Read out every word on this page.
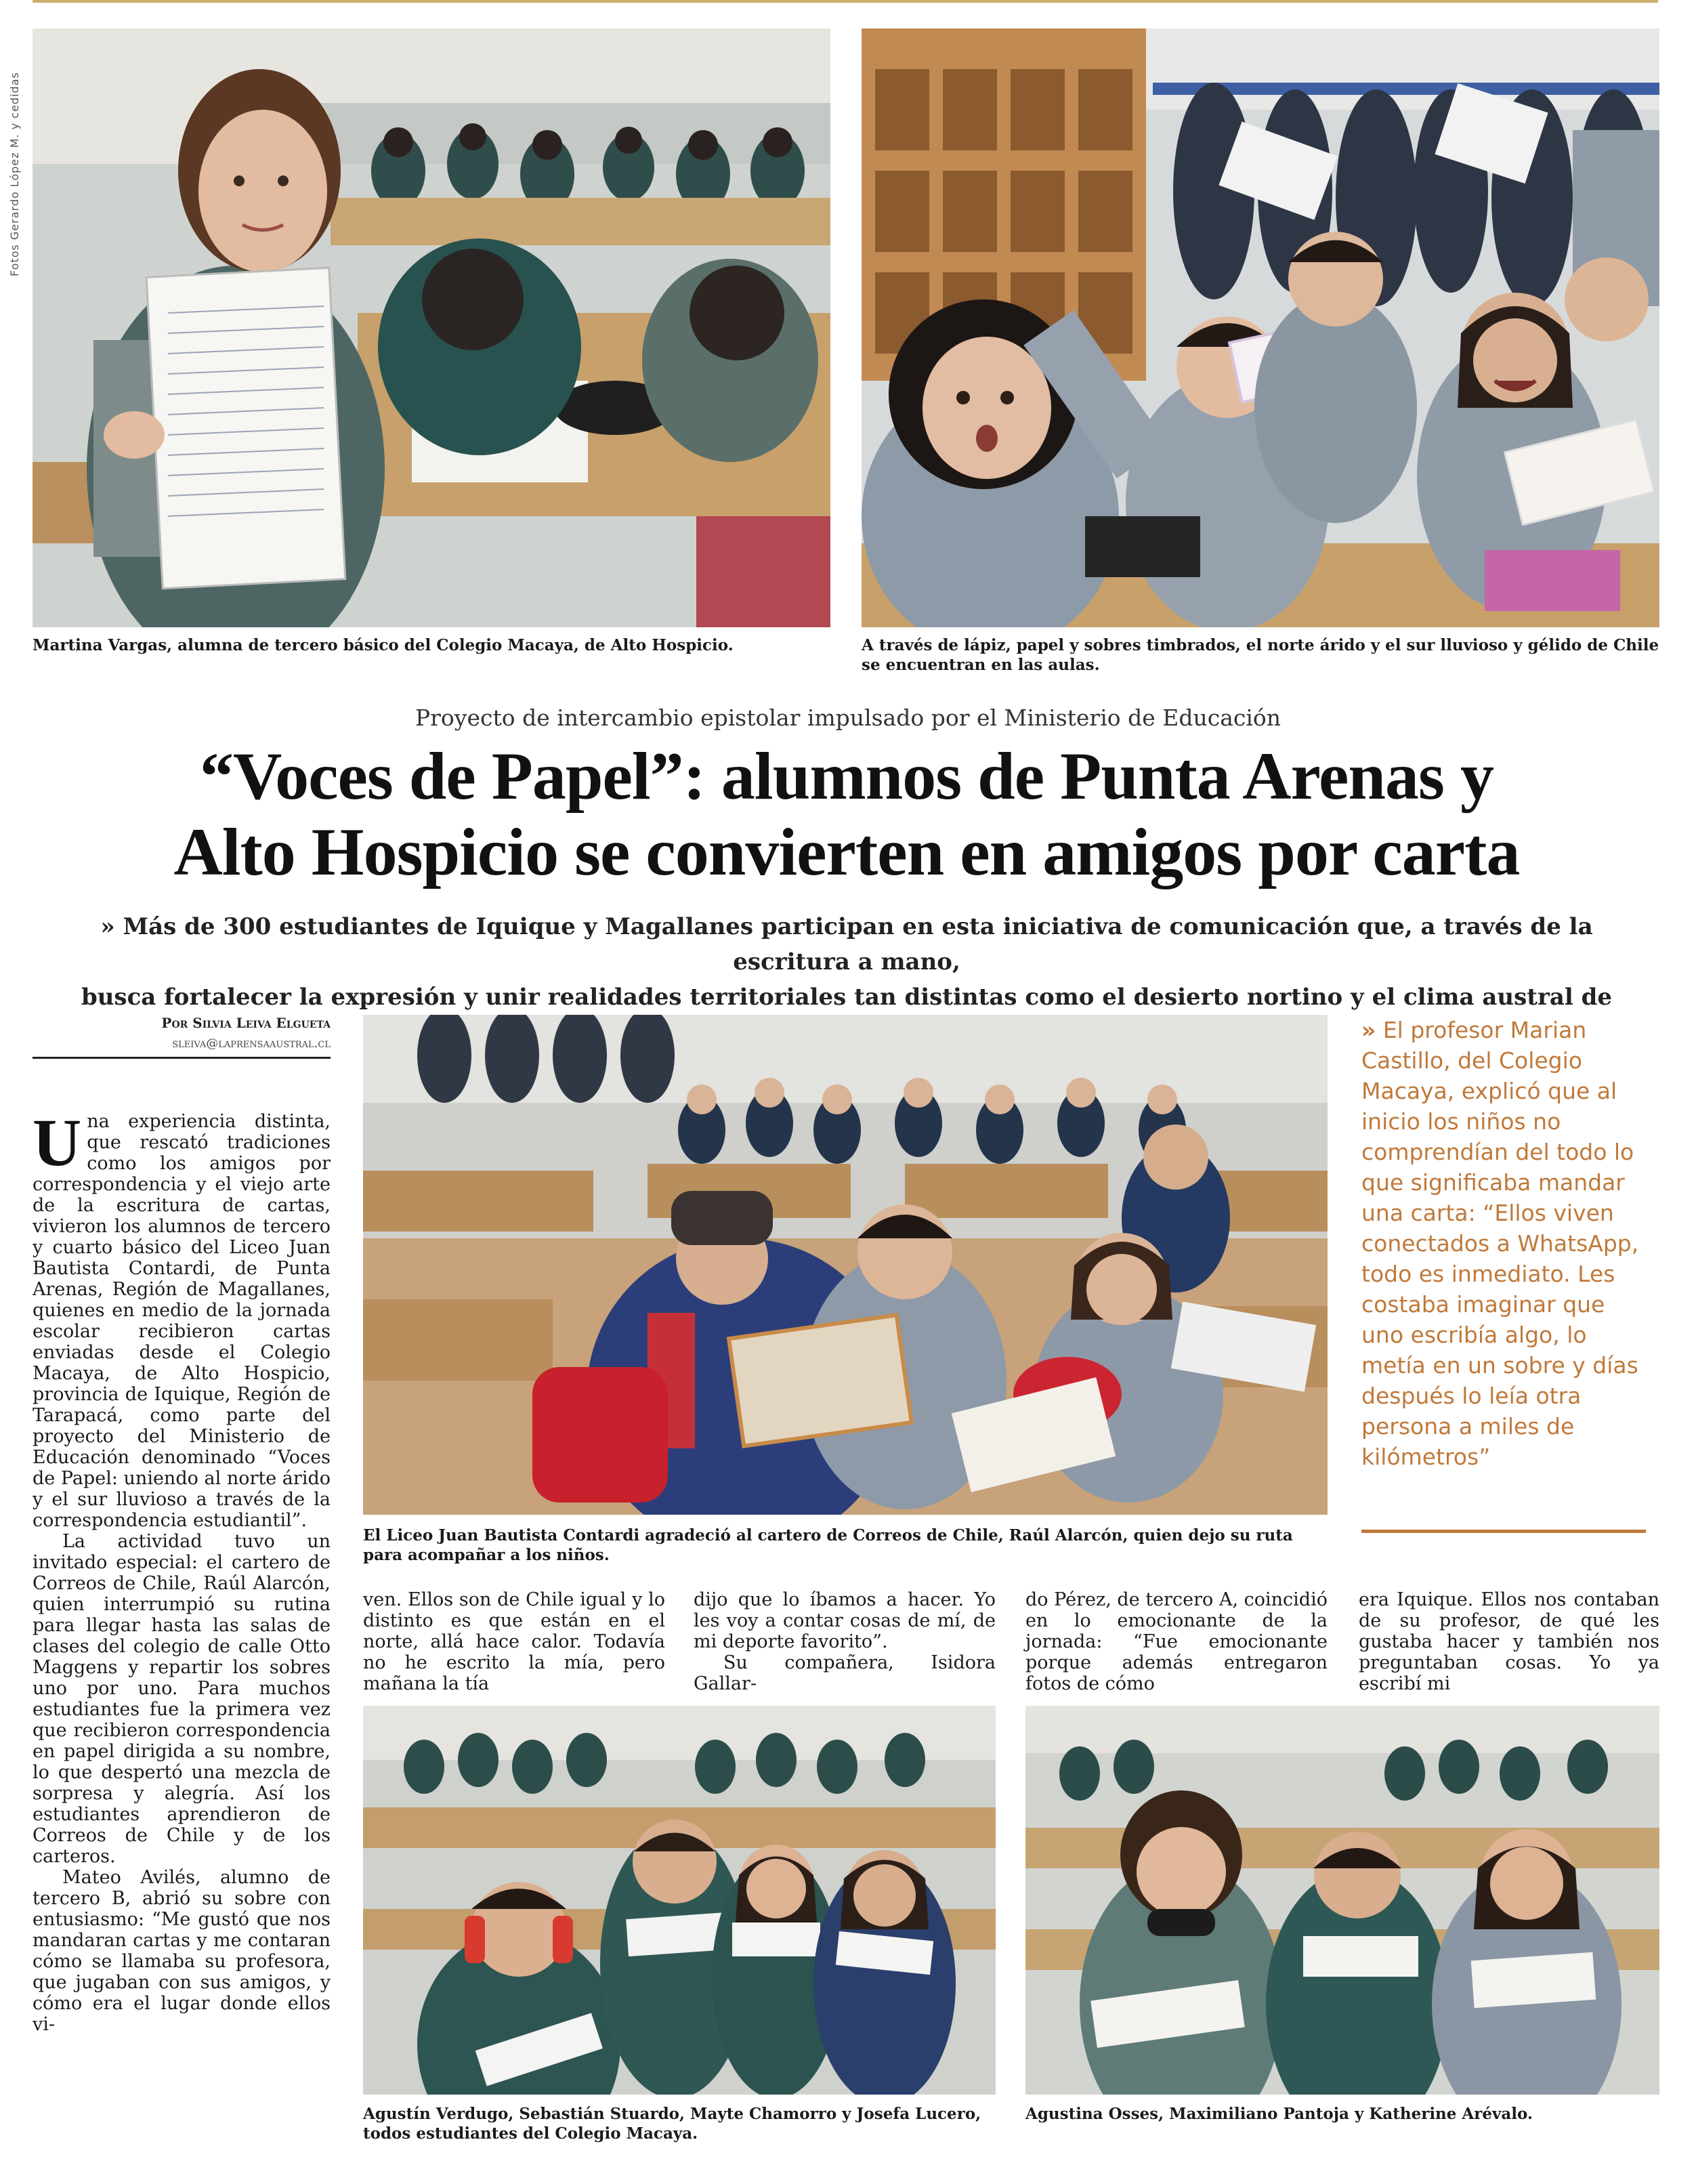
Fotos Gerardo López M. y cedidas
Martina Vargas, alumna de tercero básico del Colegio Macaya, de Alto Hospicio.	A través de lápiz, papel y sobres timbrados, el norte árido y el sur lluvioso y gélido de Chile se encuentran en las aulas.
Proyecto de intercambio epistolar impulsado por el Ministerio de Educación
“Voces de Papel”: alumnos de Punta Arenas y
Alto Hospicio se convierten en amigos por carta
» Más de 300 estudiantes de Iquique y Magallanes participan en esta iniciativa de comunicación que, a través de la escritura a mano,
busca fortalecer la expresión y unir realidades territoriales tan distintas como el desierto nortino y el clima austral de
Por Silvia Leiva Elgueta
sleiva@laprensaaustral.cl

Una experiencia distinta, que rescató tradiciones como los amigos por correspondencia y el viejo arte de la escritura de cartas, vivieron los alumnos de tercero y cuarto básico del Liceo Juan Bautista Contardi, de Punta Arenas, Región de Magallanes, quienes en medio de la jornada escolar recibieron cartas enviadas desde el Colegio Macaya, de Alto Hospicio, provincia de Iquique, Región de Tarapacá, como parte del proyecto del Ministerio de Educación denominado “Voces de Papel: uniendo al norte árido y el sur lluvioso a través de la correspondencia estudiantil”.

La actividad tuvo un invitado especial: el cartero de Correos de Chile, Raúl Alarcón, quien interrumpió su rutina para llegar hasta las salas de clases del colegio de calle Otto Maggens y repartir los sobres uno por uno. Para muchos estudiantes fue la primera vez que recibieron correspondencia en papel dirigida a su nombre, lo que despertó una mezcla de sorpresa y alegría. Así los estudiantes aprendieron de Correos de Chile y de los carteros.

Mateo Avilés, alumno de tercero B, abrió su sobre con entusiasmo: “Me gustó que nos mandaran cartas y me contaran cómo se llamaba su profesora, que jugaban con sus amigos, y cómo era el lugar donde ellos vi-

El Liceo Juan Bautista Contardi agradeció al cartero de Correos de Chile, Raúl Alarcón, quien dejo su ruta para acompañar a los niños.
» El profesor Marian Castillo, del Colegio Macaya, explicó que al inicio los niños no comprendían del todo lo que significaba mandar una carta: “Ellos viven conectados a WhatsApp, todo es inmediato. Les costaba imaginar que uno escribía algo, lo metía en un sobre y días después lo leía otra persona a miles de kilómetros”
ven. Ellos son de Chile igual y lo distinto es que están en el norte, allá hace calor. Todavía no he escrito la mía, pero mañana la tía

dijo que lo íbamos a hacer. Yo les voy a contar cosas de mí, de mi deporte favorito”.

Su compañera, Isidora Gallar-

do Pérez, de tercero A, coincidió en lo emocionante de la jornada: “Fue emocionante porque además entregaron fotos de cómo
era Iquique. Ellos nos contaban de su profesor, de qué les gustaba hacer y también nos preguntaban cosas. Yo ya escribí mi
Agustín Verdugo, Sebastián Stuardo, Mayte Chamorro y Josefa Lucero, todos estudiantes del Colegio Macaya.
Agustina Osses, Maximiliano Pantoja y Katherine Arévalo.
